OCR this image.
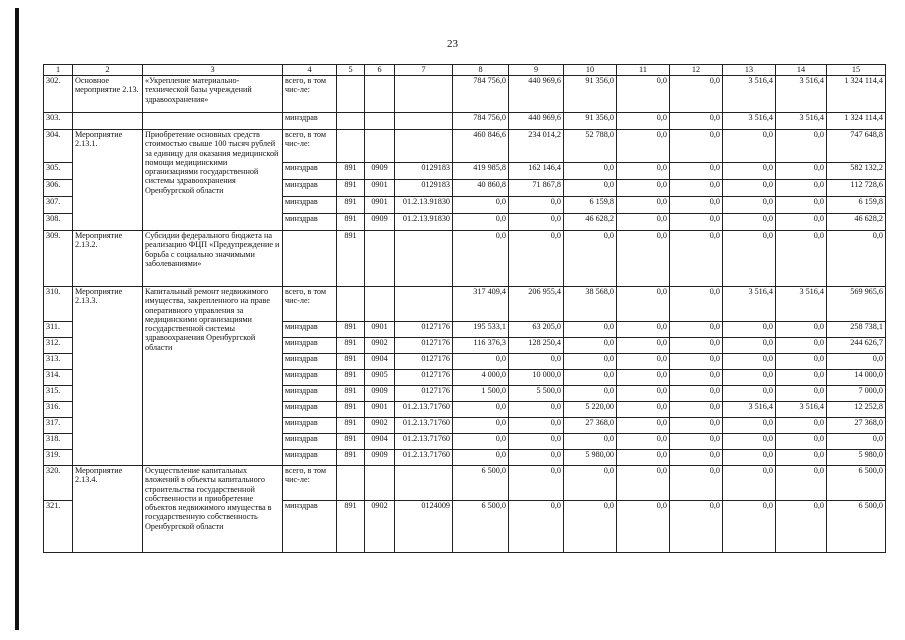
23
1	2	3	4	5	6	7	8	9	10	11	12	13	14	15
302.	Основное мероприятие 2.13.	«Укрепление материально-технической базы учреждений здравоохранения»	всего, в том чис-ле:				784 756,0	440 969,6	91 356,0	0,0	0,0	3 516,4	3 516,4	1 324 114,4
303.			минздрав				784 756,0	440 969,6	91 356,0	0,0	0,0	3 516,4	3 516,4	1 324 114,4
304.	Мероприятие 2.13.1.	Приобретение основных средств стоимостью свыше 100 тысяч рублей за единицу для оказания медицинской помощи медицинскими организациями государственной системы здравоохранения Оренбургской области	всего, в том чис-ле:				460 846,6	234 014,2	52 788,0	0,0	0,0	0,0	0,0	747 648,8
305.			минздрав	891	0909	0129183	419 985,8	162 146,4	0,0	0,0	0,0	0,0	0,0	582 132,2
306.			минздрав	891	0901	0129183	40 860,8	71 867,8	0,0	0,0	0,0	0,0	0,0	112 728,6
307.			минздрав	891	0901	01.2.13.91830	0,0	0,0	6 159,8	0,0	0,0	0,0	0,0	6 159,8
308.			минздрав	891	0909	01.2.13.91830	0,0	0,0	46 628,2	0,0	0,0	0,0	0,0	46 628,2
309.	Мероприятие 2.13.2.	Субсидии федерального бюджета на реализацию ФЦП «Предупреждение и борьба с социально значимыми заболеваниями»		891			0,0	0,0	0,0	0,0	0,0	0,0	0,0	0,0
310.	Мероприятие 2.13.3.	Капитальный ремонт недвижимого имущества, закрепленного на праве оперативного управления за медицинскими организациями государственной системы здравоохранения Оренбургской области	всего, в том чис-ле:				317 409,4	206 955,4	38 568,0	0,0	0,0	3 516,4	3 516,4	569 965,6
311.			минздрав	891	0901	0127176	195 533,1	63 205,0	0,0	0,0	0,0	0,0	0,0	258 738,1
312.			минздрав	891	0902	0127176	116 376,3	128 250,4	0,0	0,0	0,0	0,0	0,0	244 626,7
313.			минздрав	891	0904	0127176	0,0	0,0	0,0	0,0	0,0	0,0	0,0	0,0
314.			минздрав	891	0905	0127176	4 000,0	10 000,0	0,0	0,0	0,0	0,0	0,0	14 000,0
315.			минздрав	891	0909	0127176	1 500,0	5 500,0	0,0	0,0	0,0	0,0	0,0	7 000,0
316.			минздрав	891	0901	01.2.13.71760	0,0	0,0	5 220,00	0,0	0,0	3 516,4	3 516,4	12 252,8
317.			минздрав	891	0902	01.2.13.71760	0,0	0,0	27 368,0	0,0	0,0	0,0	0,0	27 368,0
318.			минздрав	891	0904	01.2.13.71760	0,0	0,0	0,0	0,0	0,0	0,0	0,0	0,0
319.			минздрав	891	0909	01.2.13.71760	0,0	0,0	5 980,00	0,0	0,0	0,0	0,0	5 980,0
320.	Мероприятие 2.13.4.	Осуществление капитальных вложений в объекты капитального строительства государственной собственности и приобретение объектов недвижимого имущества в государственную собственность Оренбургской области	всего, в том чис-ле:				6 500,0	0,0	0,0	0,0	0,0	0,0	0,0	6 500,0
321.			минздрав	891	0902	0124009	6 500,0	0,0	0,0	0,0	0,0	0,0	0,0	6 500,0
